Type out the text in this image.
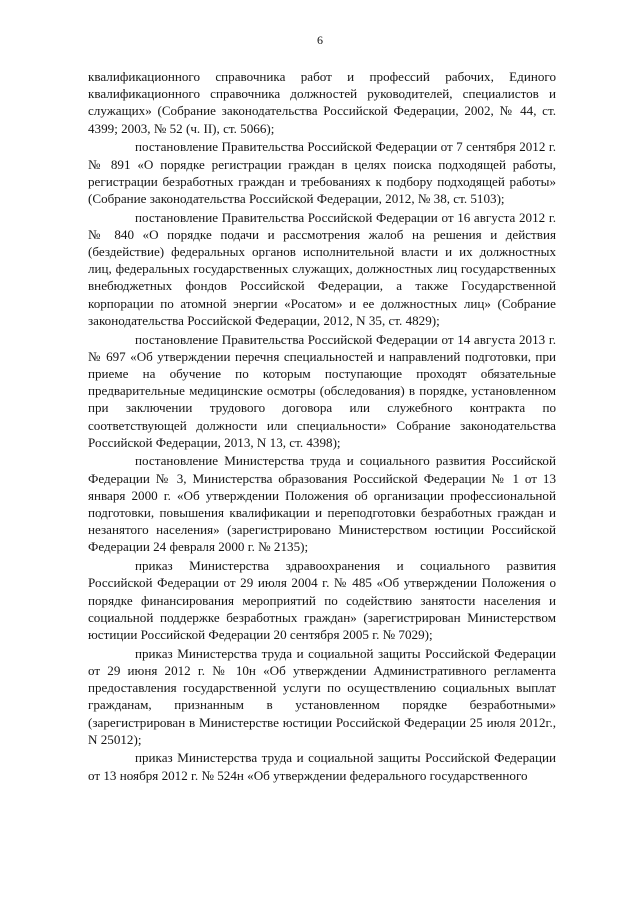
6

квалификационного справочника работ и профессий рабочих, Единого квалификационного справочника должностей руководителей, специалистов и служащих» (Собрание законодательства Российской Федерации, 2002, № 44, ст. 4399; 2003, № 52 (ч. II), ст. 5066);

постановление Правительства Российской Федерации от 7 сентября 2012 г. № 891 «О порядке регистрации граждан в целях поиска подходящей работы, регистрации безработных граждан и требованиях к подбору подходящей работы» (Собрание законодательства Российской Федерации, 2012, № 38, ст. 5103);

постановление Правительства Российской Федерации от 16 августа 2012 г. № 840 «О порядке подачи и рассмотрения жалоб на решения и действия (бездействие) федеральных органов исполнительной власти и их должностных лиц, федеральных государственных служащих, должностных лиц государственных внебюджетных фондов Российской Федерации, а также Государственной корпорации по атомной энергии «Росатом» и ее должностных лиц» (Собрание законодательства Российской Федерации, 2012, N 35, ст. 4829);

постановление Правительства Российской Федерации от 14 августа 2013 г. № 697 «Об утверждении перечня специальностей и направлений подготовки, при приеме на обучение по которым поступающие проходят обязательные предварительные медицинские осмотры (обследования) в порядке, установленном при заключении трудового договора или служебного контракта по соответствующей должности или специальности» Собрание законодательства Российской Федерации, 2013, N 13, ст. 4398);

постановление Министерства труда и социального развития Российской Федерации № 3, Министерства образования Российской Федерации № 1 от 13 января 2000 г. «Об утверждении Положения об организации профессиональной подготовки, повышения квалификации и переподготовки безработных граждан и незанятого населения» (зарегистрировано Министерством юстиции Российской Федерации 24 февраля 2000 г. № 2135);

приказ Министерства здравоохранения и социального развития Российской Федерации от 29 июля 2004 г. № 485 «Об утверждении Положения о порядке финансирования мероприятий по содействию занятости населения и социальной поддержке безработных граждан» (зарегистрирован Министерством юстиции Российской Федерации 20 сентября 2005 г. № 7029);

приказ Министерства труда и социальной защиты Российской Федерации от 29 июня 2012 г. № 10н «Об утверждении Административного регламента предоставления государственной услуги по осуществлению социальных выплат гражданам, признанным в установленном порядке безработными» (зарегистрирован в Министерстве юстиции Российской Федерации 25 июля 2012г., N 25012);

приказ Министерства труда и социальной защиты Российской Федерации от 13 ноября 2012 г. № 524н «Об утверждении федерального государственного
